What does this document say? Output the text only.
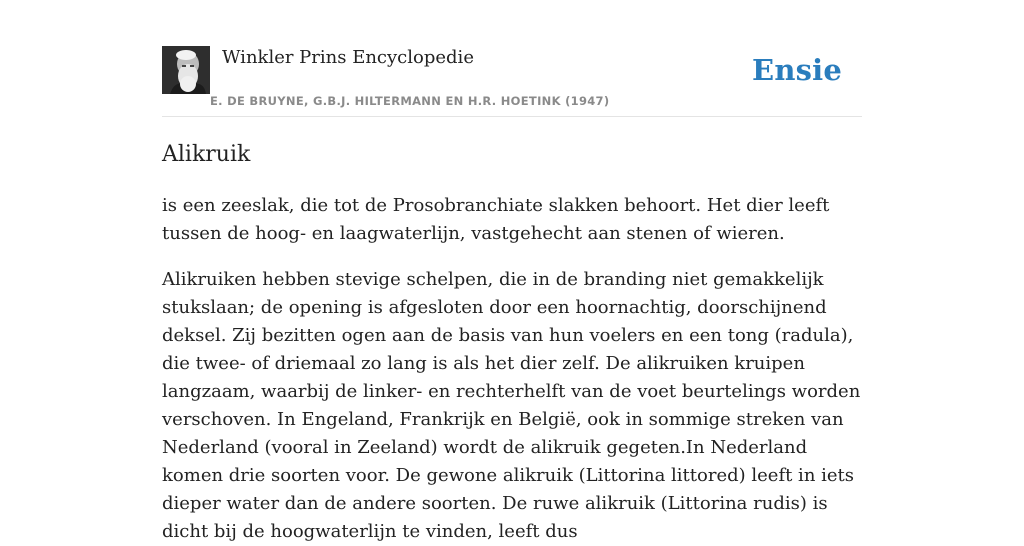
Winkler Prins Encyclopedie
E. DE BRUYNE, G.B.J. HILTERMANN EN H.R. HOETINK (1947)
Ensie
Alikruik

is een zeeslak, die tot de Prosobranchiate slakken behoort. Het dier leeft tussen de hoog- en laagwaterlijn, vastgehecht aan stenen of wieren.

Alikruiken hebben stevige schelpen, die in de branding niet gemakkelijk stukslaan; de opening is afgesloten door een hoornachtig, doorschijnend deksel. Zij bezitten ogen aan de basis van hun voelers en een tong (radula), die twee- of driemaal zo lang is als het dier zelf. De alikruiken kruipen langzaam, waarbij de linker- en rechterhelft van de voet beurtelings worden verschoven. In Engeland, Frankrijk en België, ook in sommige streken van Nederland (vooral in Zeeland) wordt de alikruik gegeten.In Nederland komen drie soorten voor. De gewone alikruik (Littorina littored) leeft in iets dieper water dan de andere soorten. De ruwe alikruik (Littorina rudis) is dicht bij de hoogwaterlijn te vinden, leeft dus
